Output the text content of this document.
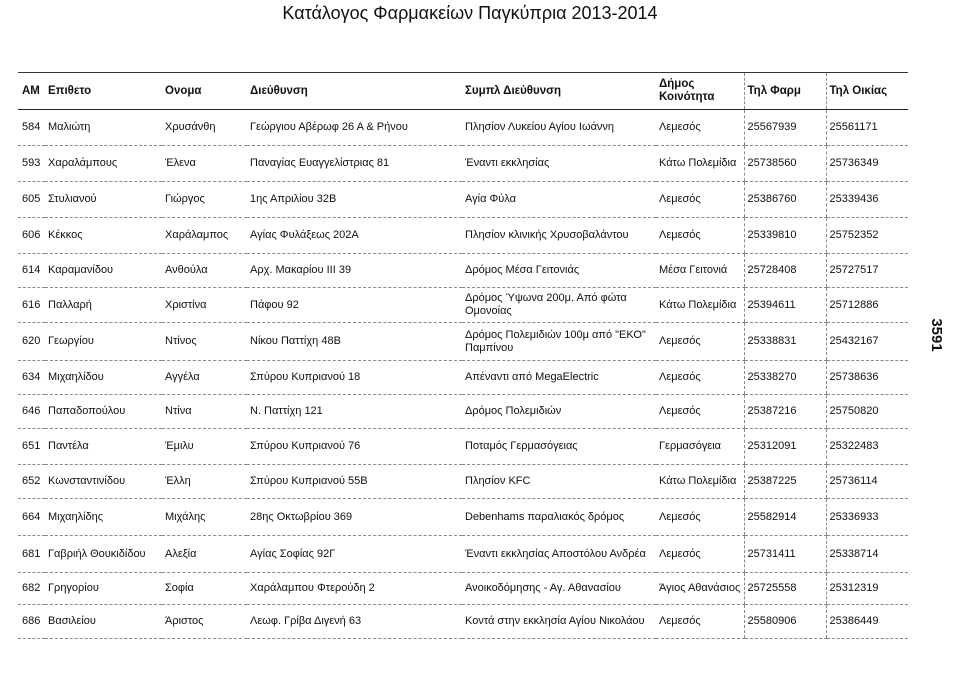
Κατάλογος Φαρμακείων Παγκύπρια 2013-2014
ΑΜ	Επιθετο	Ονομα	Διεύθυνση	Συμπλ Διεύθυνση	Δήμος Κοινότητα	Τηλ Φαρμ	Τηλ Οικίας
584	Μαλιώτη	Χρυσάνθη	Γεώργιου Αβέρωφ 26 Α & Ρήνου	Πλησίον Λυκείου Αγίου Ιωάννη	Λεμεσός	25567939	25561171
593	Χαραλάμπους	Έλενα	Παναγίας Ευαγγελίστριας 81	Έναντι εκκλησίας	Κάτω Πολεμίδια	25738560	25736349
605	Στυλιανού	Γιώργος	1ης Απριλίου 32Β	Αγία Φύλα	Λεμεσός	25386760	25339436
606	Κέκκος	Χαράλαμπος	Αγίας Φυλάξεως 202Α	Πλησίον κλινικής Χρυσοβαλάντου	Λεμεσός	25339810	25752352
614	Καραμανίδου	Ανθούλα	Αρχ. Μακαρίου ΙΙΙ 39	Δρόμος Μέσα Γειτονιάς	Μέσα Γειτονιά	25728408	25727517
616	Παλλαρή	Χριστίνα	Πάφου 92	Δρόμος Ύψωνα 200μ. Από φώτα Ομονοίας	Κάτω Πολεμίδια	25394611	25712886
620	Γεωργίου	Ντίνος	Νίκου Παττίχη 48Β	Δρόμος Πολεμιδιών 100μ από "ΕΚΟ" Παμπίνου	Λεμεσός	25338831	25432167
634	Μιχαηλίδου	Αγγέλα	Σπύρου Κυπριανού 18	Απέναντι από MegaElectric	Λεμεσός	25338270	25738636
646	Παπαδοπούλου	Ντίνα	Ν. Παττίχη 121	Δρόμος Πολεμιδιών	Λεμεσός	25387216	25750820
651	Παντέλα	Έμιλυ	Σπύρου Κυπριανού 76	Ποταμός Γερμασόγειας	Γερμασόγεια	25312091	25322483
652	Κωνσταντινίδου	Έλλη	Σπύρου Κυπριανού 55Β	Πλησίον KFC	Κάτω Πολεμίδια	25387225	25736114
664	Μιχαηλίδης	Μιχάλης	28ης Οκτωβρίου 369	Debenhams παραλιακός δρόμος	Λεμεσός	25582914	25336933
681	Γαβριήλ Θουκιδίδου	Αλεξία	Αγίας Σοφίας 92Γ	Έναντι εκκλησίας Αποστόλου Ανδρέα	Λεμεσός	25731411	25338714
682	Γρηγορίου	Σοφία	Χαράλαμπου Φτερούδη 2	Ανοικοδόμησης - Αγ. Αθανασίου	Άγιος Αθανάσιος	25725558	25312319
686	Βασιλείου	Άριστος	Λεωφ. Γρίβα Διγενή 63	Κοντά στην εκκλησία Αγίου Νικολάου	Λεμεσός	25580906	25386449
3591
